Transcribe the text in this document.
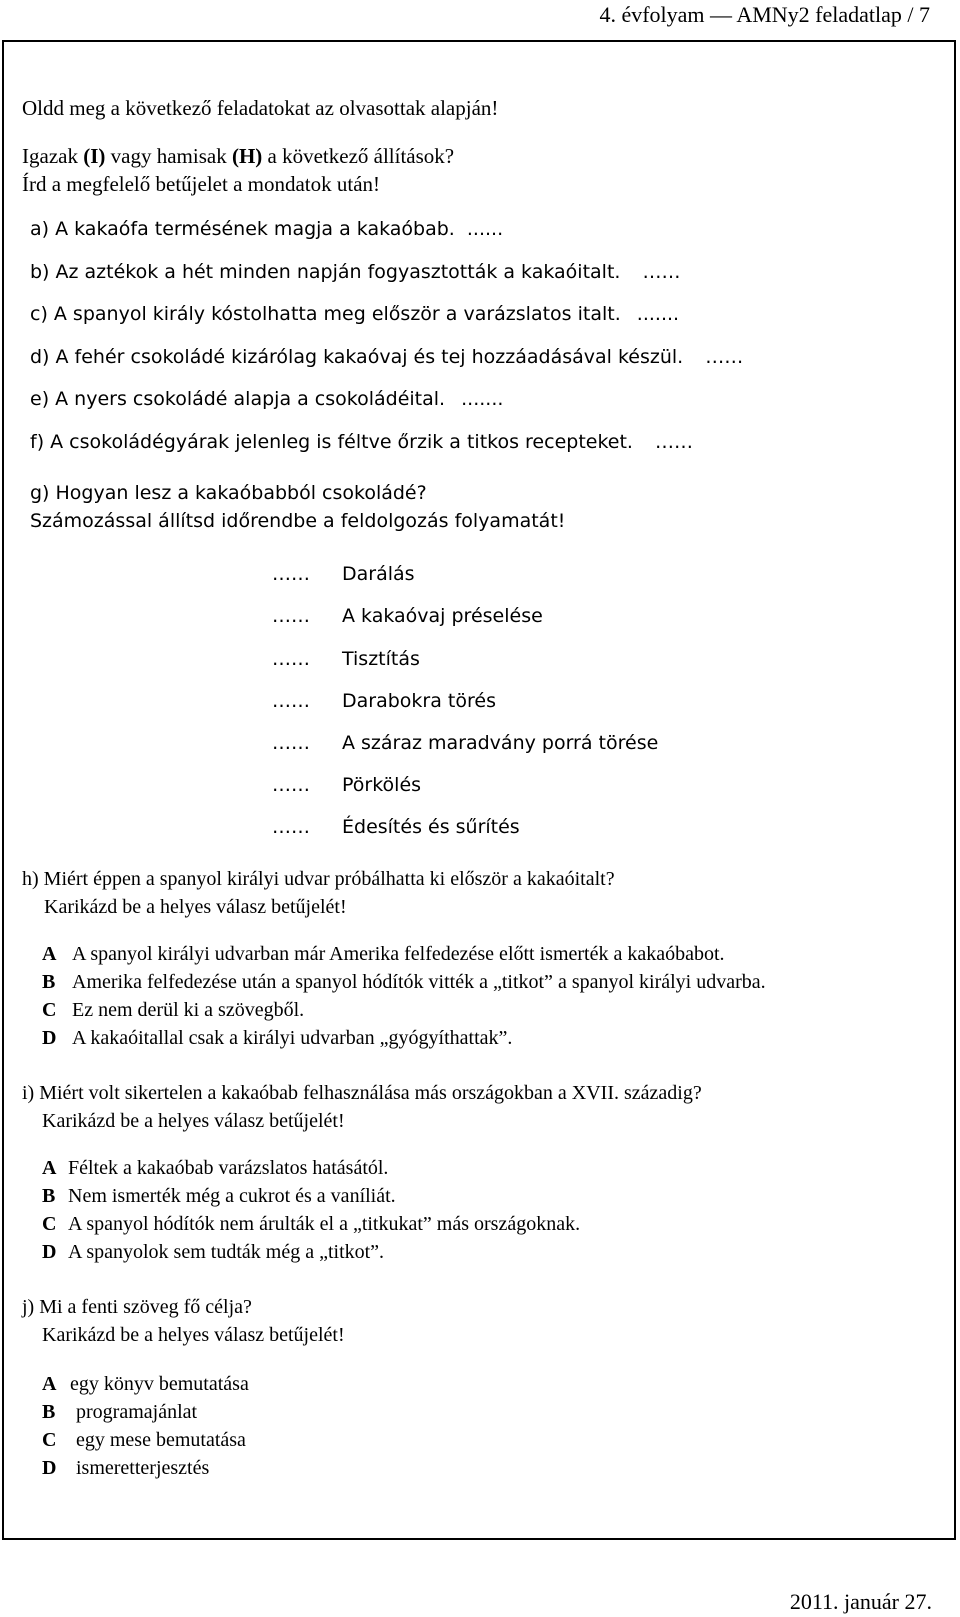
4. évfolyam — AMNy2 feladatlap / 7
Oldd meg a következő feladatokat az olvasottak alapján!
Igazak (I) vagy hamisak (H) a következő állítások?
Írd a megfelelő betűjelet a mondatok után!
a) A kakaófa termésének magja a kakaóbab. ......
b) Az aztékok a hét minden napján fogyasztották a kakaóitalt. ……
c) A spanyol király kóstolhatta meg először a varázslatos italt. .......
d) A fehér csokoládé kizárólag kakaóvaj és tej hozzáadásával készül. ……
e) A nyers csokoládé alapja a csokoládéital. .......
f) A csokoládégyárak jelenleg is féltve őrzik a titkos recepteket. ……
g) Hogyan lesz a kakaóbabból csokoládé?
Számozással állítsd időrendbe a feldolgozás folyamatát!
…… Darálás
…… A kakaóvaj préselése
…… Tisztítás
…… Darabokra törés
…… A száraz maradvány porrá törése
…… Pörkölés
…… Édesítés és sűrítés
h) Miért éppen a spanyol királyi udvar próbálhatta ki először a kakaóitalt?
Karikázd be a helyes válasz betűjelét!
A A spanyol királyi udvarban már Amerika felfedezése előtt ismerték a kakaóbabot.
B Amerika felfedezése után a spanyol hódítók vitték a „titkot” a spanyol királyi udvarba.
C Ez nem derül ki a szövegből.
D A kakaóitallal csak a királyi udvarban „gyógyíthattak”.
i) Miért volt sikertelen a kakaóbab felhasználása más országokban a XVII. századig?
Karikázd be a helyes válasz betűjelét!
A Féltek a kakaóbab varázslatos hatásától.
B Nem ismerték még a cukrot és a vaníliát.
C A spanyol hódítók nem árulták el a „titkukat” más országoknak.
D A spanyolok sem tudták még a „titkot”.
j) Mi a fenti szöveg fő célja?
Karikázd be a helyes válasz betűjelét!
A egy könyv bemutatása
B programajánlat
C egy mese bemutatása
D ismeretterjesztés
2011. január 27.
